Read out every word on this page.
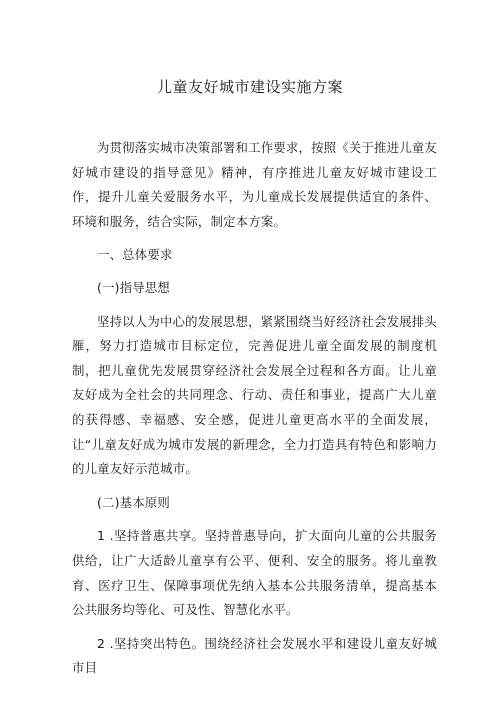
儿童友好城市建设实施方案

为贯彻落实城市决策部署和工作要求，按照《关于推进儿童友好城市建设的指导意见》精神，有序推进儿童友好城市建设工作，提升儿童关爱服务水平，为儿童成长发展提供适宜的条件、环境和服务，结合实际，制定本方案。

一、总体要求

(一)指导思想

坚持以人为中心的发展思想，紧紧围绕当好经济社会发展排头雁，努力打造城市目标定位，完善促进儿童全面发展的制度机制，把儿童优先发展贯穿经济社会发展全过程和各方面。让儿童友好成为全社会的共同理念、行动、责任和事业，提高广大儿童的获得感、幸福感、安全感，促进儿童更高水平的全面发展，让“儿童友好成为城市发展的新理念，全力打造具有特色和影响力的儿童友好示范城市。

(二)基本原则

1 .坚持普惠共享。坚持普惠导向，扩大面向儿童的公共服务供给，让广大适龄儿童享有公平、便利、安全的服务。将儿童教育、医疗卫生、保障事项优先纳入基本公共服务清单，提高基本公共服务均等化、可及性、智慧化水平。

2 .坚持突出特色。围绕经济社会发展水平和建设儿童友好城市目
